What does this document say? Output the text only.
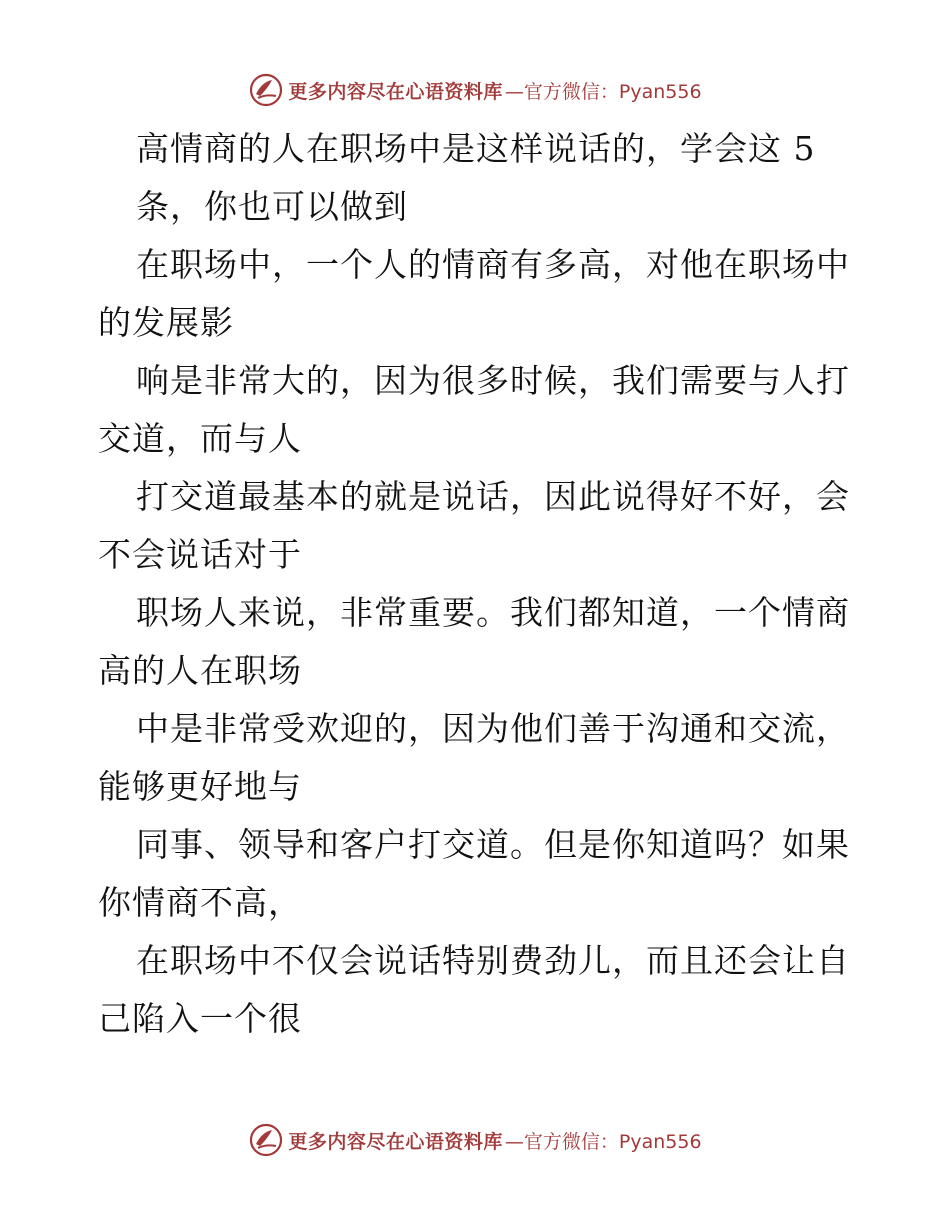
更多内容尽在心语资料库 —官方微信：Pyan556
高情商的人在职场中是这样说话的，学会这 5
条，你也可以做到
在职场中，一个人的情商有多高，对他在职场中
的发展影
响是非常大的，因为很多时候，我们需要与人打
交道，而与人
打交道最基本的就是说话，因此说得好不好，会
不会说话对于
职场人来说，非常重要。我们都知道，一个情商
高的人在职场
中是非常受欢迎的，因为他们善于沟通和交流，
能够更好地与
同事、领导和客户打交道。但是你知道吗？如果
你情商不高，
在职场中不仅会说话特别费劲儿，而且还会让自
己陷入一个很
更多内容尽在心语资料库 —官方微信：Pyan556
